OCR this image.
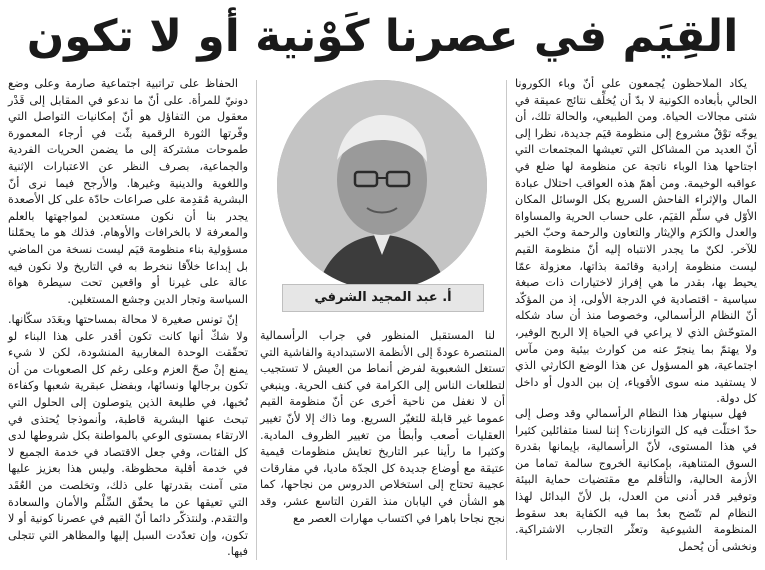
القِيَم في عصرنا كَوْنية أو لا تكون

يكاد الملاحظون يُجمعون على أنّ وباء الكورونا الحالي بأبعاده الكونية لا بدّ أن يُخلِّف نتائج عميقة في شتى مجالات الحياة. ومن الطبيعي، والحالة تلك، أن يوجّه توْقٌ مشروع إلى منظومة قيَم جديدة، نظرا إلى أنّ العديد من المشاكل التي تعيشها المجتمعات التي اجتاحها هذا الوباء ناتجة عن منظومة لها ضلع في عواقبه الوخيمة. ومن أهمّ هذه العواقب احتلال عبادة المال والإثراء الفاحش السريع بكل الوسائل المكان الأوّل في سلّم القيَم، على حساب الحرية والمساواة والعدل والكرَم والإيثار والتعاون والرحمة وحبّ الخير للآخر. لكنّ ما يجدر الانتباه إليه أنّ منظومة القيم ليست منظومة إرادية وقائمة بذاتها، معزولة عمّا يحيط بها، بقدر ما هي إفراز لاختيارات ذات صبغة سياسية - اقتصادية في الدرجة الأولى، إذ من المؤكّد أنّ النظام الرأسمالي، وخصوصا منذ أن ساد شكله المتوحّش الذي لا يراعي في الحياة إلا الربح الوفير، ولا يهتمّ بما ينجرّ عنه من كوارث بيئية ومن مآس اجتماعية، هو المسؤول عن هذا الوضع الكارثي الذي لا يستفيد منه سوى الأقوياء، إن بين الدول أو داخل كل دولة.

فهل سينهار هذا النظام الرأسمالي وقد وصل إلى حدّ اختلّت فيه كل التوازنات؟ إننا لسنا متفائلين كثيرا في هذا المستوى، لأنّ الرأسمالية، بإيمانها بقدرة السوق المتناهية، بإمكانية الخروج سالمة تماما من الأزمة الحالية، والتأقلم مع مقتضيات حماية البيئة وتوفير قدر أدنى من العدل، بل لأنّ البدائل لهذا النظام لم تتّضح بعدُ بما فيه الكفاية بعد سقوط المنظومة الشيوعية وتعثّر التجارب الاشتراكية. ونخشى أن يُحمل

أ. عبد المجيد الشرفي

لنا المستقبل المنظور في جراب الرأسمالية المنتصرة عودةً إلى الأنظمة الاستبدادية والفاشية التي تستغل الشعبوية لفرض أنماط من العيش لا تستجيب لتطلعات الناس إلى الكرامة في كنف الحرية. وينبغي أن لا نغفل من ناحية أخرى عن أنّ منظومة القيم عموما غير قابلة للتغيّر السريع. وما ذاك إلا لأنّ تغيير العقليات أصعب وأبطأ من تغيير الظروف المادية. وكثيرا ما رأينا عبر التاريخ تعايش منظومات قيمية عتيقة مع أوضاع جديدة كل الجدّة ماديا، في مفارقات عجيبة تحتاج إلى استخلاص الدروس من نجاحها، كما هو الشأن في اليابان منذ القرن التاسع عشر، وقد نجح نجاحا باهرا في اكتساب مهارات العصر مع

الحفاظ على تراتبية اجتماعية صارمة وعلى وضع دونيّ للمرأة. على أنّ ما ندعو في المقابل إلى قَدْر معقول من التفاؤل هو أنّ إمكانيات التواصل التي وفّرتها الثورة الرقمية بثّت في أرجاء المعمورة طموحات مشتركة إلى ما يضمن الحريات الفردية والجماعية، بصرف النظر عن الاعتبارات الإثنية واللغوية والدينية وغيرها. والأرجح فيما نرى أنّ البشرية مُقدِمة على صراعات حادّة على كل الأصعدة يجدر بنا أن نكون مستعدين لمواجهتها بالعلم والمعرفة لا بالخرافات والأوهام. فذلك هو ما يحمّلنا مسؤولية بناء منظومة قيَم ليست نسخة من الماضي بل إبداعا خلاّقا ننخرط به في التاريخ ولا نكون فيه عالة على غيرنا أو واقعين تحت سيطرة هواة السياسة وتجار الدين وجشع المستغلين.

إنّ تونس صغيرة لا محالة بمساحتها وبعَدَد سكّانها. ولا شكّ أنها كانت تكون أقدر على هذا البناء لو تحقّقت الوحدة المغاربية المنشودة، لكن لا شيء يمنع إنْ صحّ العزم وعلى رغم كل الصعوبات من أن تكون برجالها ونسائها، وبفضل عبقرية شعبها وكفاءة نُخبها، في طليعة الذين يتوصلون إلى الحلول التي تبحث عنها البشرية قاطبة، وأنموذجا يُحتذى في الارتقاء بمستوى الوعي بالمواطنة بكل شروطها لدى كل الفئات، وفي جعل الاقتصاد في خدمة الجميع لا في خدمة أقلية محظوظة. وليس هذا بعزيز عليها متى آمنت بقدرتها على ذلك، وتخلصت من العُقَد التي تعيقها عن ما يحقّق السِّلْم والأمان والسعادة والتقدم. ولنتذكّر دائما أنّ القيم في عصرنا كونية أو لا تكون، وإن تعدّدت السبل إليها والمظاهر التي تتجلى فيها.
